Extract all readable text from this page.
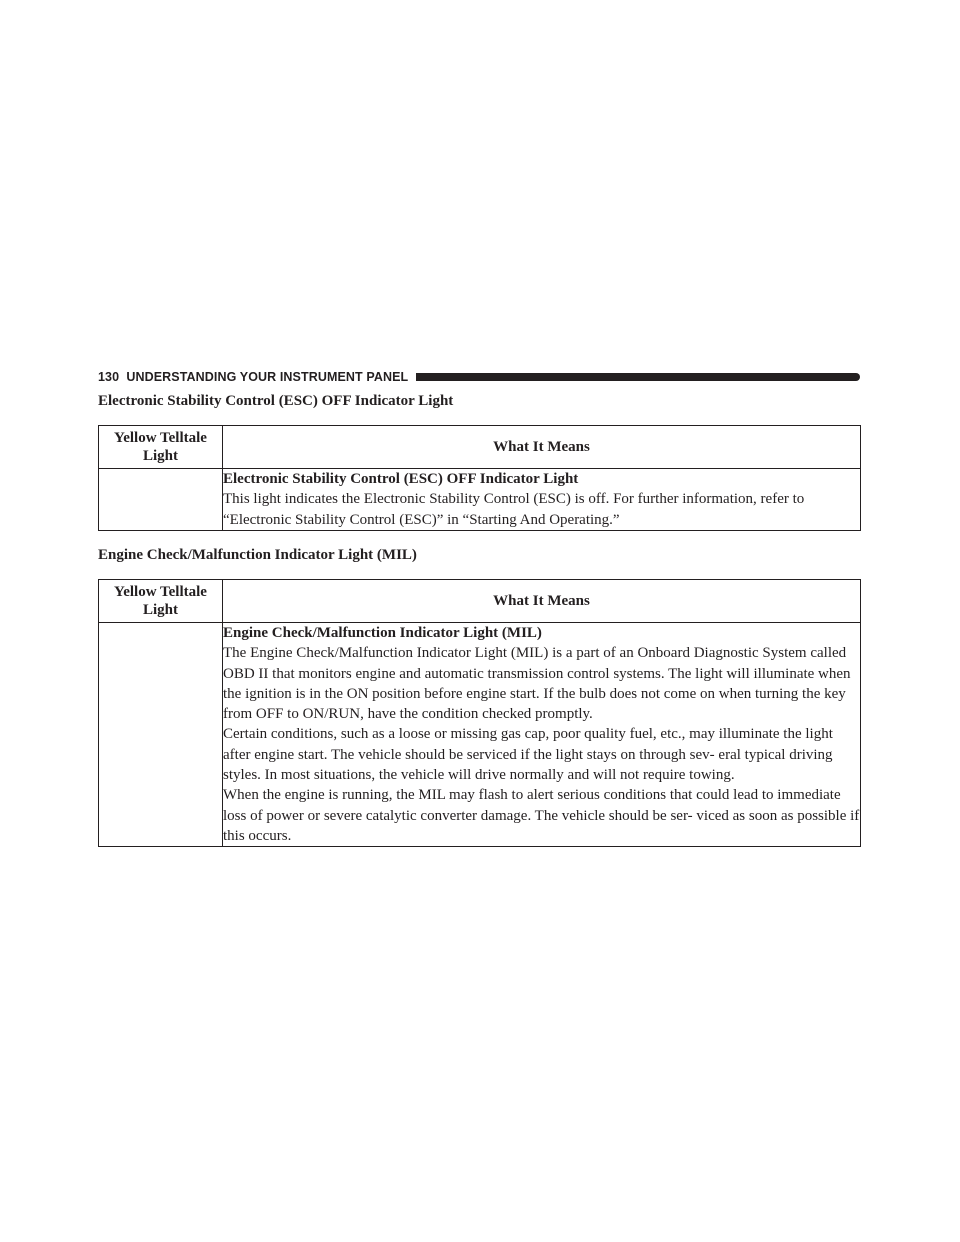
130 UNDERSTANDING YOUR INSTRUMENT PANEL
Electronic Stability Control (ESC) OFF Indicator Light
Yellow Telltale Light	What It Means

	Electronic Stability Control (ESC) OFF Indicator Light

This light indicates the Electronic Stability Control (ESC) is off. For further information, refer to “Electronic Stability Control (ESC)” in “Starting And Operating.”

Engine Check/Malfunction Indicator Light (MIL)
Yellow Telltale Light	What It Means

	Engine Check/Malfunction Indicator Light (MIL)

The Engine Check/Malfunction Indicator Light (MIL) is a part of an Onboard Diagnostic System called OBD II that monitors engine and automatic transmission control systems. The light will illuminate when the ignition is in the ON position before engine start. If the bulb does not come on when turning the key from OFF to ON/RUN, have the condition checked promptly.

Certain conditions, such as a loose or missing gas cap, poor quality fuel, etc., may illuminate the light after engine start. The vehicle should be serviced if the light stays on through sev- eral typical driving styles. In most situations, the vehicle will drive normally and will not require towing.

When the engine is running, the MIL may flash to alert serious conditions that could lead to immediate loss of power or severe catalytic converter damage. The vehicle should be ser- viced as soon as possible if this occurs.
